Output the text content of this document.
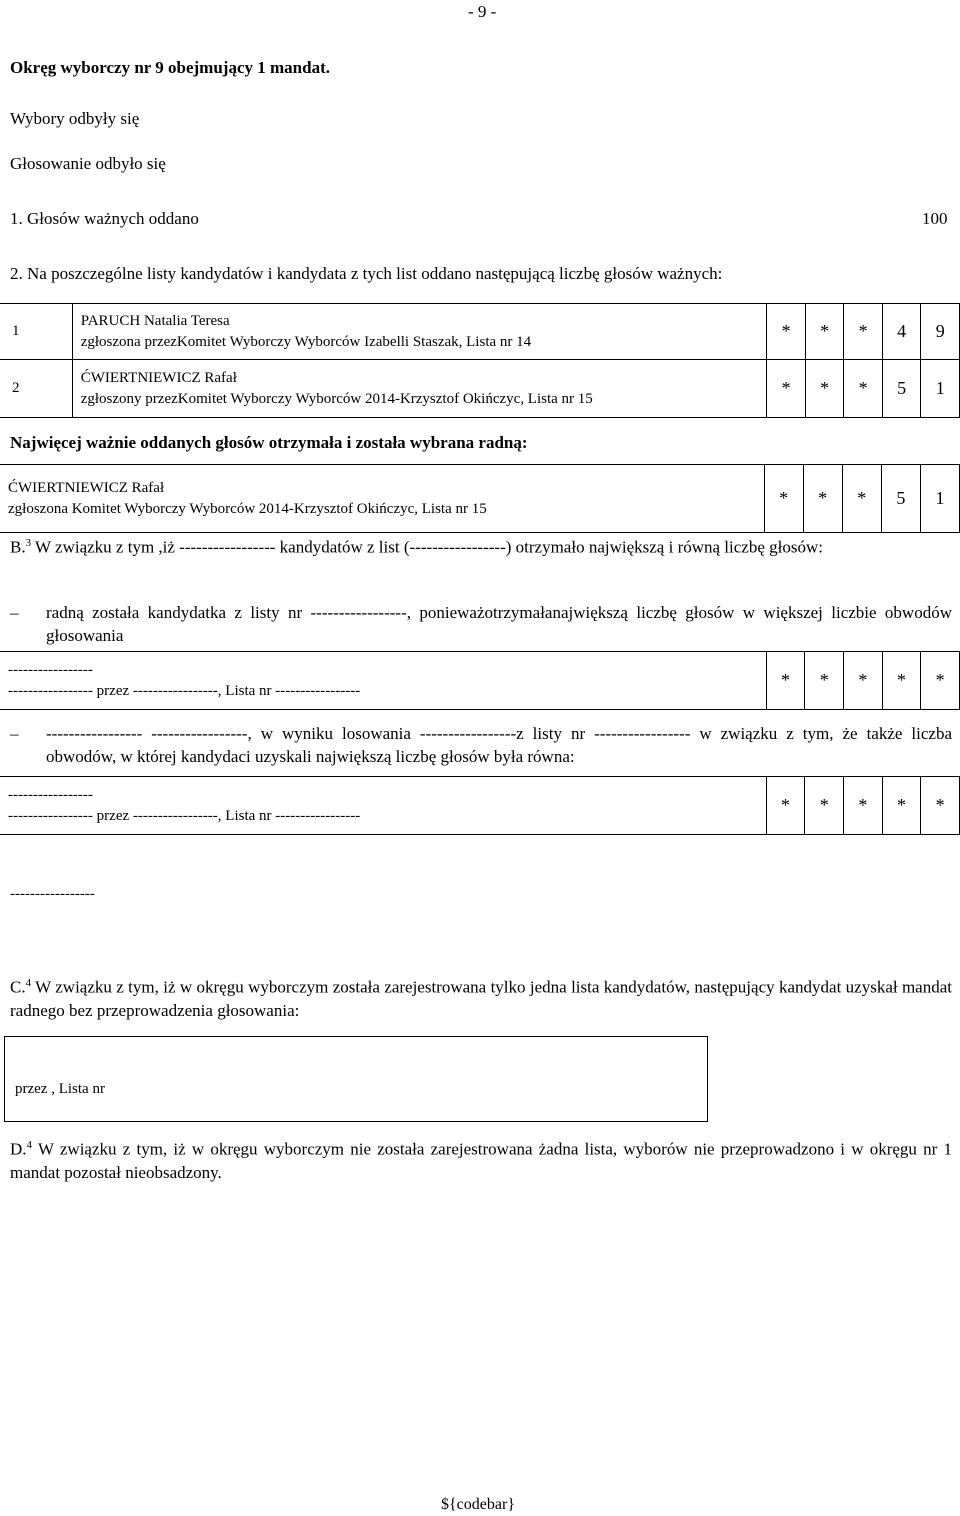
- 9 -
Okręg wyborczy nr 9 obejmujący 1 mandat.
Wybory odbyły się
Głosowanie odbyło się
1. Głosów ważnych oddano	100
2. Na poszczególne listy kandydatów i kandydata z tych list oddano następującą liczbę głosów ważnych:
1	PARUCH Natalia Teresa
zgłoszona przezKomitet Wyborczy Wyborców Izabelli Staszak, Lista nr 14	*	*	*	4	9
2	ĆWIERTNIEWICZ Rafał
zgłoszony przezKomitet Wyborczy Wyborców 2014-Krzysztof Okińczyc, Lista nr 15	*	*	*	5	1
Najwięcej ważnie oddanych głosów otrzymała i została wybrana radną:
ĆWIERTNIEWICZ Rafał
zgłoszona Komitet Wyborczy Wyborców 2014-Krzysztof Okińczyc, Lista nr 15
	*	*	*	5	1
B.$^3$ W związku z tym ,iż ----------------- kandydatów z list (-----------------) otrzymało największą i równą liczbę głosów:
– radną została kandydatka z listy nr -----------------, ponieważotrzymałanajwiększą liczbę głosów w większej liczbie obwodów głosowania
-----------------
----------------- przez -----------------, Lista nr -----------------
	*	*	*	*	*
– ----------------- -----------------, w wyniku losowania -----------------z listy nr ----------------- w związku z tym, że także liczba obwodów, w której kandydaci uzyskali największą liczbę głosów była równa:
-----------------
----------------- przez -----------------, Lista nr -----------------
	*	*	*	*	*
-----------------
C.$^4$ W związku z tym, iż w okręgu wyborczym została zarejestrowana tylko jedna lista kandydatów, następujący kandydat uzyskał mandat radnego bez przeprowadzenia głosowania:
przez , Lista nr
D.$^4$ W związku z tym, iż w okręgu wyborczym nie została zarejestrowana żadna lista, wyborów nie przeprowadzono i w okręgu nr 1 mandat pozostał nieobsadzony.
${codebar}
